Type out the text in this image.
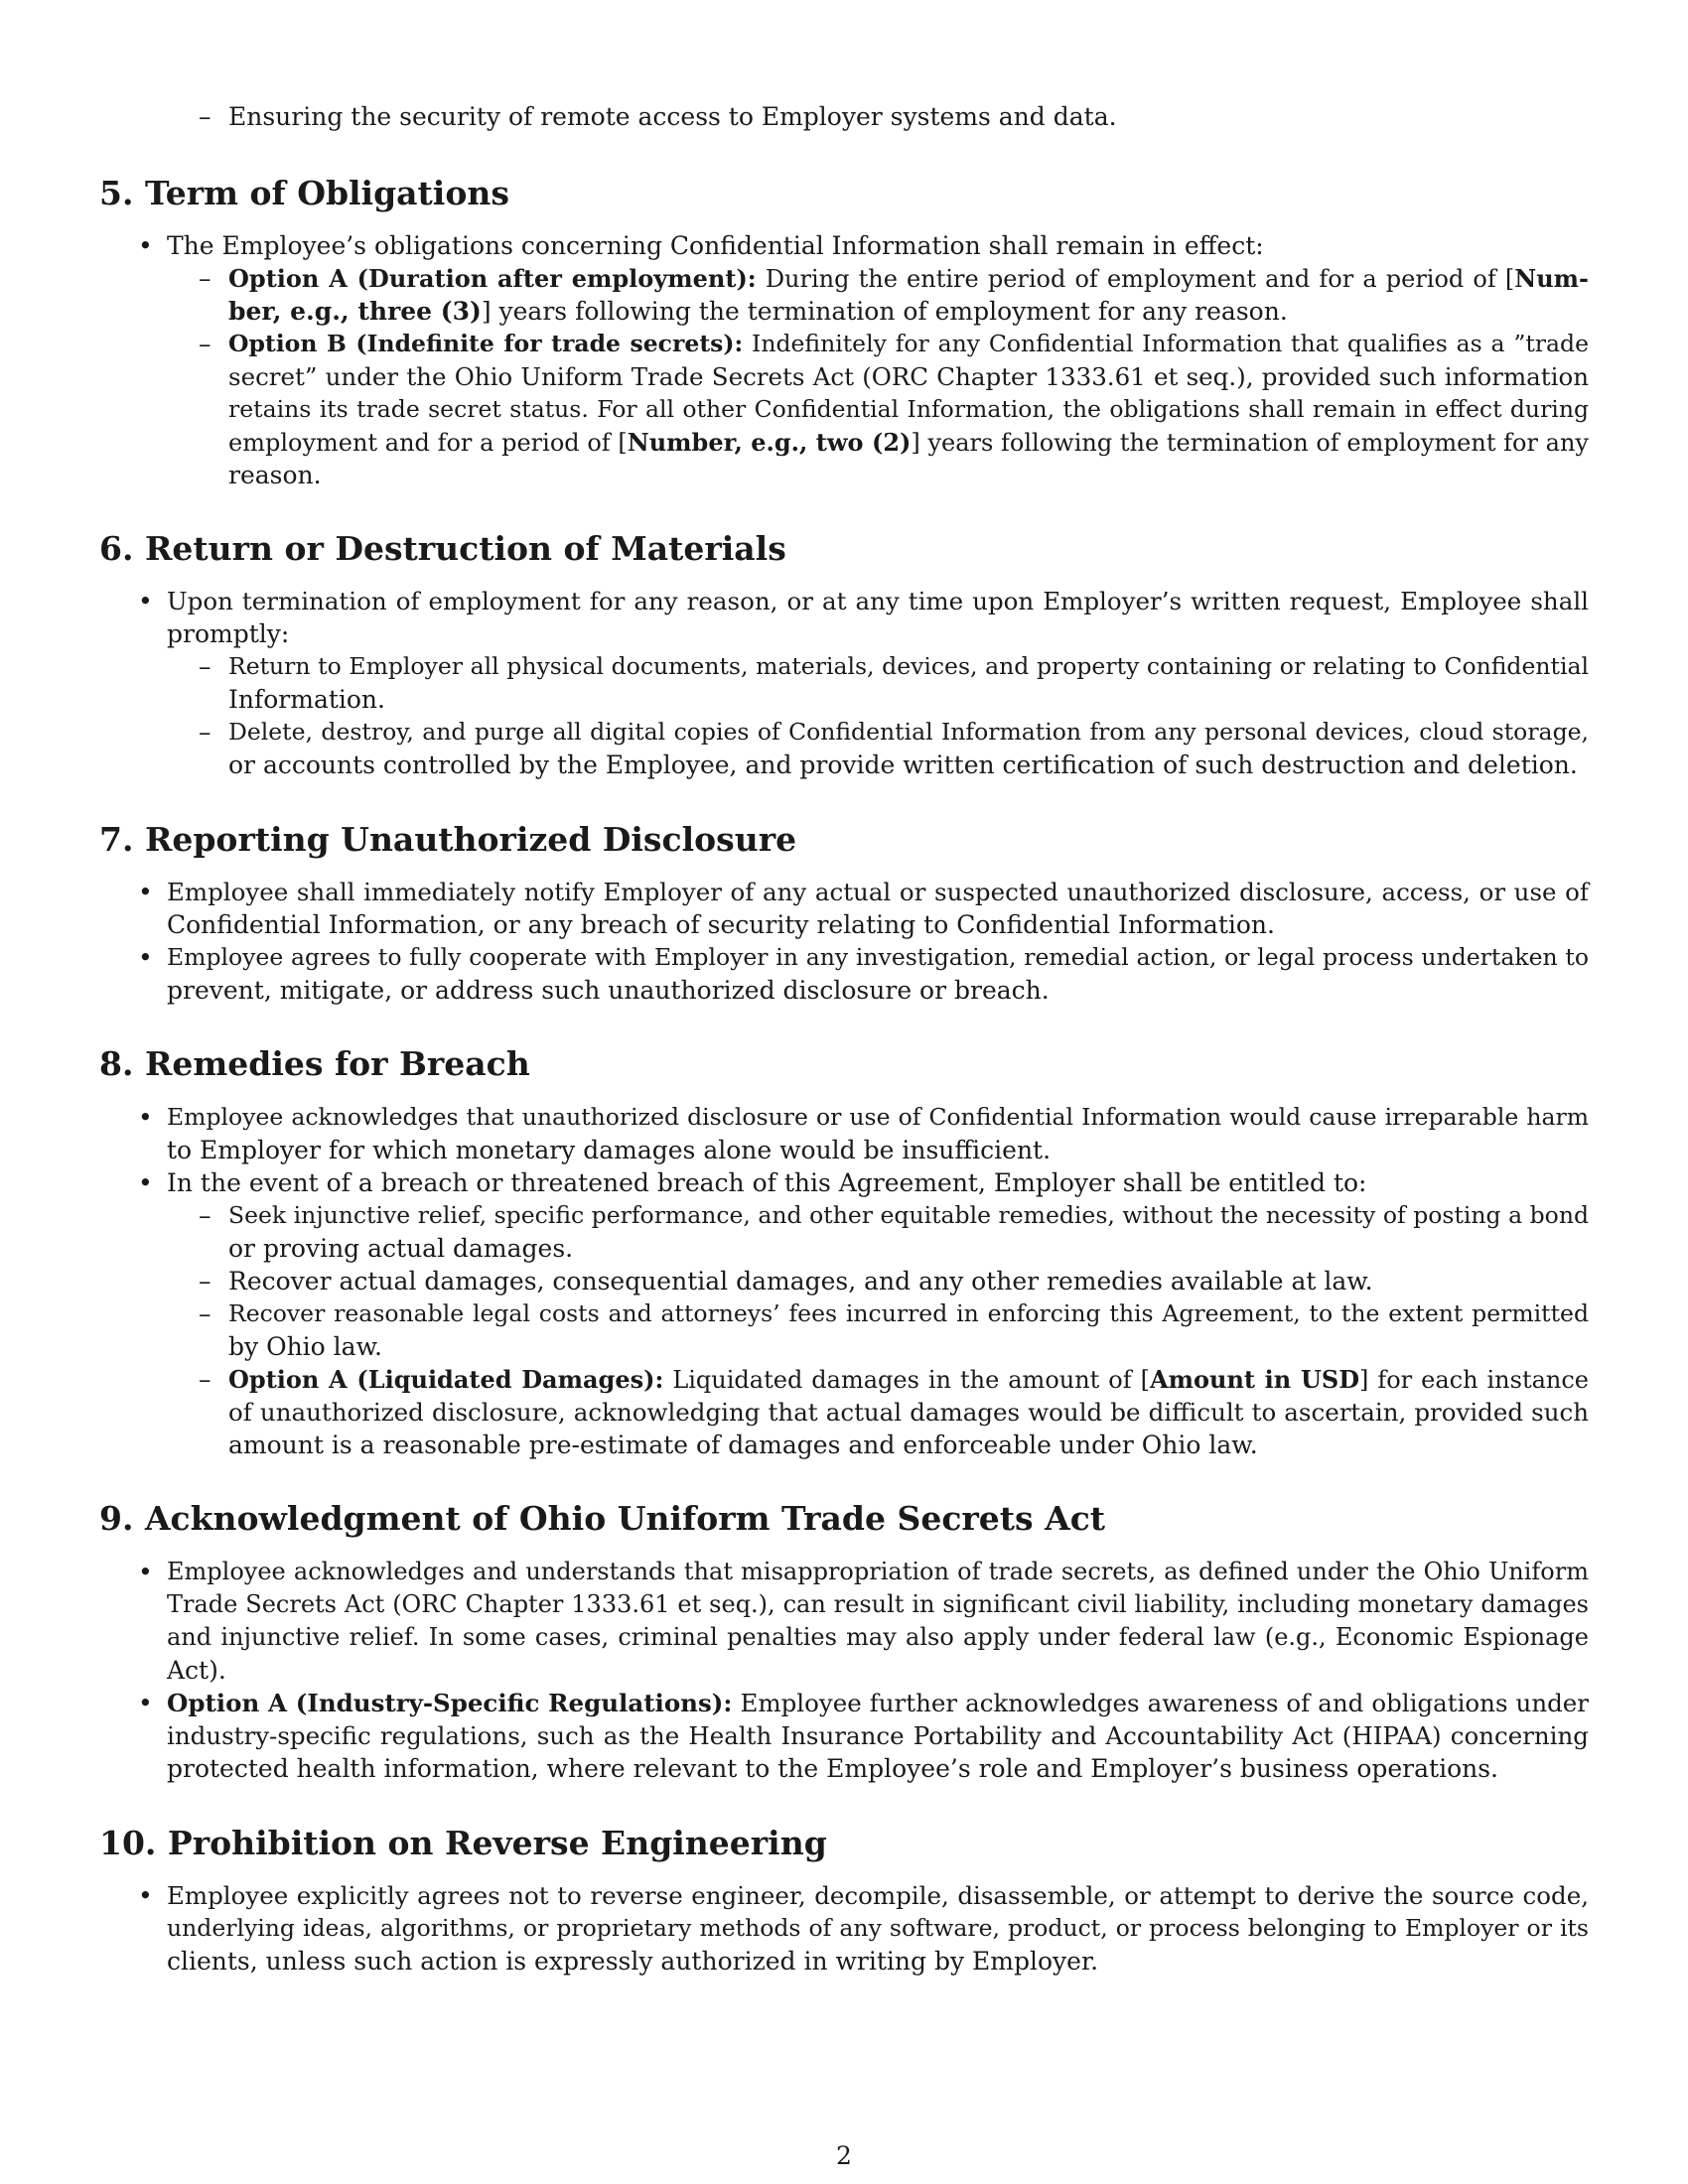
– Ensuring the security of remote access to Employer systems and data.
5. Term of Obligations
• The Employee’s obligations concerning Confidential Information shall remain in effect:
– Option A (Duration after employment): During the entire period of employment and for a period of [Num-
ber, e.g., three (3)] years following the termination of employment for any reason.
– Option B (Indefinite for trade secrets): Indefinitely for any Confidential Information that qualifies as a ”trade
secret” under the Ohio Uniform Trade Secrets Act (ORC Chapter 1333.61 et seq.), provided such information
retains its trade secret status. For all other Confidential Information, the obligations shall remain in effect during
employment and for a period of [Number, e.g., two (2)] years following the termination of employment for any
reason.
6. Return or Destruction of Materials
• Upon termination of employment for any reason, or at any time upon Employer’s written request, Employee shall
promptly:
– Return to Employer all physical documents, materials, devices, and property containing or relating to Confidential
Information.
– Delete, destroy, and purge all digital copies of Confidential Information from any personal devices, cloud storage,
or accounts controlled by the Employee, and provide written certification of such destruction and deletion.
7. Reporting Unauthorized Disclosure
• Employee shall immediately notify Employer of any actual or suspected unauthorized disclosure, access, or use of
Confidential Information, or any breach of security relating to Confidential Information.
• Employee agrees to fully cooperate with Employer in any investigation, remedial action, or legal process undertaken to
prevent, mitigate, or address such unauthorized disclosure or breach.
8. Remedies for Breach
• Employee acknowledges that unauthorized disclosure or use of Confidential Information would cause irreparable harm
to Employer for which monetary damages alone would be insufficient.
• In the event of a breach or threatened breach of this Agreement, Employer shall be entitled to:
– Seek injunctive relief, specific performance, and other equitable remedies, without the necessity of posting a bond
or proving actual damages.
– Recover actual damages, consequential damages, and any other remedies available at law.
– Recover reasonable legal costs and attorneys’ fees incurred in enforcing this Agreement, to the extent permitted
by Ohio law.
– Option A (Liquidated Damages): Liquidated damages in the amount of [Amount in USD] for each instance
of unauthorized disclosure, acknowledging that actual damages would be difficult to ascertain, provided such
amount is a reasonable pre-estimate of damages and enforceable under Ohio law.
9. Acknowledgment of Ohio Uniform Trade Secrets Act
• Employee acknowledges and understands that misappropriation of trade secrets, as defined under the Ohio Uniform
Trade Secrets Act (ORC Chapter 1333.61 et seq.), can result in significant civil liability, including monetary damages
and injunctive relief. In some cases, criminal penalties may also apply under federal law (e.g., Economic Espionage
Act).
• Option A (Industry-Specific Regulations): Employee further acknowledges awareness of and obligations under
industry-specific regulations, such as the Health Insurance Portability and Accountability Act (HIPAA) concerning
protected health information, where relevant to the Employee’s role and Employer’s business operations.
10. Prohibition on Reverse Engineering
• Employee explicitly agrees not to reverse engineer, decompile, disassemble, or attempt to derive the source code,
underlying ideas, algorithms, or proprietary methods of any software, product, or process belonging to Employer or its
clients, unless such action is expressly authorized in writing by Employer.
2
